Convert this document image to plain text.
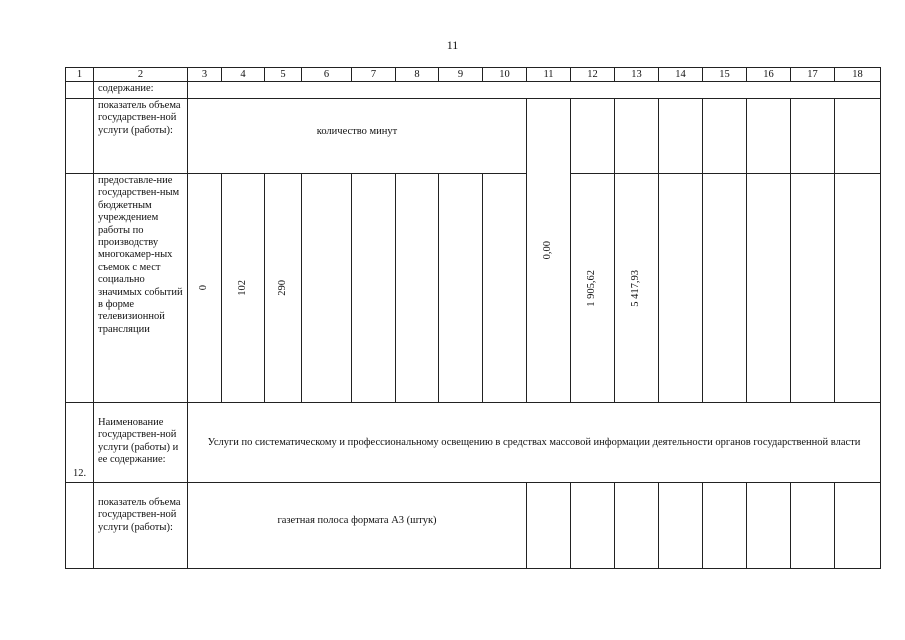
11
1	2	3	4	5	6	7	8	9	10	11	12	13	14	15	16	17	18
	содержание:																
	показатель объема государствен-ной услуги (работы):	количество минут								0,00							

	предоставле-ние государствен-ным бюджетным учреждением работы по производству многокамер-ных съемок с мест социально значимых событий в форме телевизионной трансляции	0	102	290							1 905,62	5 417,93					

12.	Наименование государствен-ной услуги (работы) и ее содержание:	Услуги по систематическому и профессиональному освещению в средствах массовой информации деятельности органов государственной власти															
	показатель объема государствен-ной услуги (работы):	газетная полоса формата А3 (штук)															
